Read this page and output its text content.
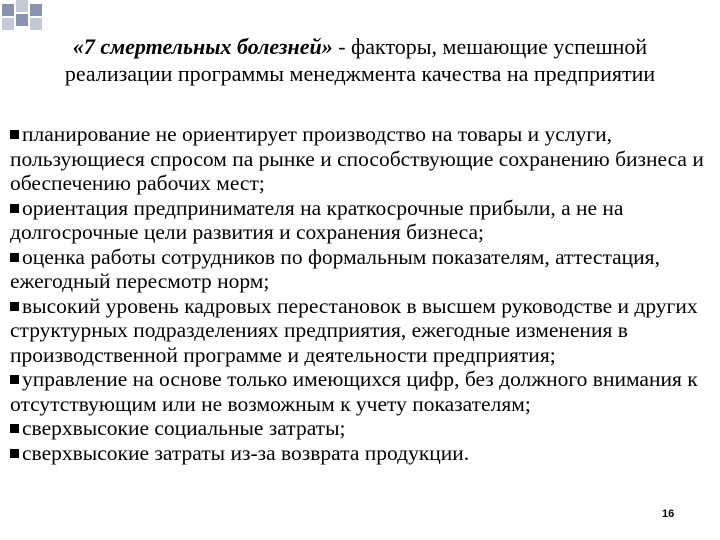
«7 смертельных болезней» - факторы, мешающие успешной реализации программы менеджмента качества на предприятии

планирование не ориентирует производство на товары и услуги, пользующиеся спросом па рынке и способствующие сохранению бизнеса и обеспечению рабочих мест;

ориентация предпринимателя на краткосрочные прибыли, а не на долгосрочные цели развития и сохранения бизнеса;

оценка работы сотрудников по формальным показателям, аттестация, ежегодный пересмотр норм;

высокий уровень кадровых перестановок в высшем руководстве и других структурных подразделениях предприятия, ежегодные изменения в производственной программе и деятельности предприятия;

управление на основе только имеющихся цифр, без должного внимания к отсутствующим или не возможным к учету показателям;

сверхвысокие социальные затраты;

сверхвысокие затраты из-за возврата продукции.

16
